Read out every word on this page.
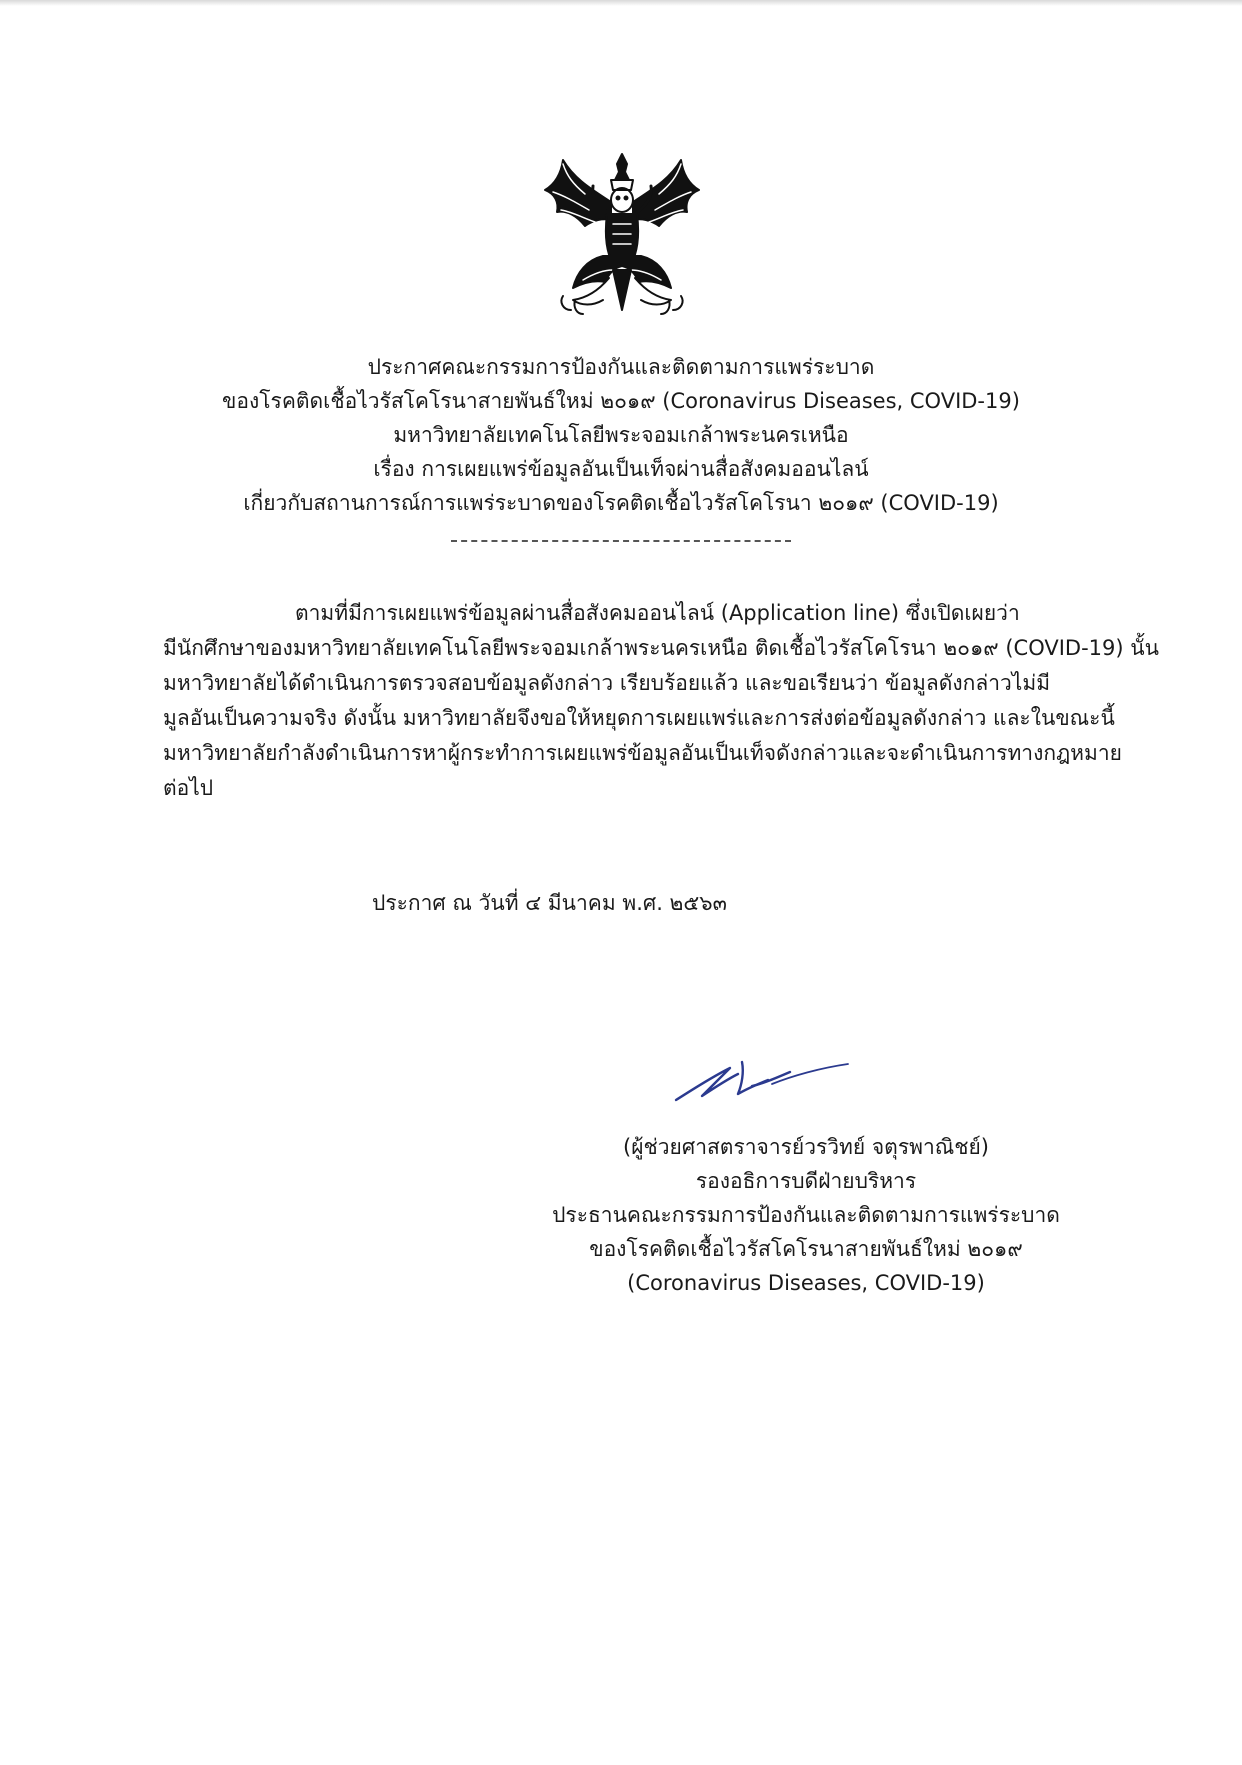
ประกาศคณะกรรมการป้องกันและติดตามการแพร่ระบาด
ของโรคติดเชื้อไวรัสโคโรนาสายพันธ์ใหม่ ๒๐๑๙ (Coronavirus Diseases, COVID-19)
มหาวิทยาลัยเทคโนโลยีพระจอมเกล้าพระนครเหนือ
เรื่อง การเผยแพร่ข้อมูลอันเป็นเท็จผ่านสื่อสังคมออนไลน์
เกี่ยวกับสถานการณ์การแพร่ระบาดของโรคติดเชื้อไวรัสโคโรนา ๒๐๑๙ (COVID-19)
ตามที่มีการเผยแพร่ข้อมูลผ่านสื่อสังคมออนไลน์ (Application line) ซึ่งเปิดเผยว่า
มีนักศึกษาของมหาวิทยาลัยเทคโนโลยีพระจอมเกล้าพระนครเหนือ ติดเชื้อไวรัสโคโรนา ๒๐๑๙ (COVID-19) นั้น
มหาวิทยาลัยได้ดำเนินการตรวจสอบข้อมูลดังกล่าว เรียบร้อยแล้ว และขอเรียนว่า ข้อมูลดังกล่าวไม่มี
มูลอันเป็นความจริง ดังนั้น มหาวิทยาลัยจึงขอให้หยุดการเผยแพร่และการส่งต่อข้อมูลดังกล่าว และในขณะนี้
มหาวิทยาลัยกำลังดำเนินการหาผู้กระทำการเผยแพร่ข้อมูลอันเป็นเท็จดังกล่าวและจะดำเนินการทางกฎหมาย
ต่อไป
ประกาศ ณ วันที่ ๔ มีนาคม พ.ศ. ๒๕๖๓
(ผู้ช่วยศาสตราจารย์วรวิทย์ จตุรพาณิชย์)
รองอธิการบดีฝ่ายบริหาร
ประธานคณะกรรมการป้องกันและติดตามการแพร่ระบาด
ของโรคติดเชื้อไวรัสโคโรนาสายพันธ์ใหม่ ๒๐๑๙
(Coronavirus Diseases, COVID-19)
